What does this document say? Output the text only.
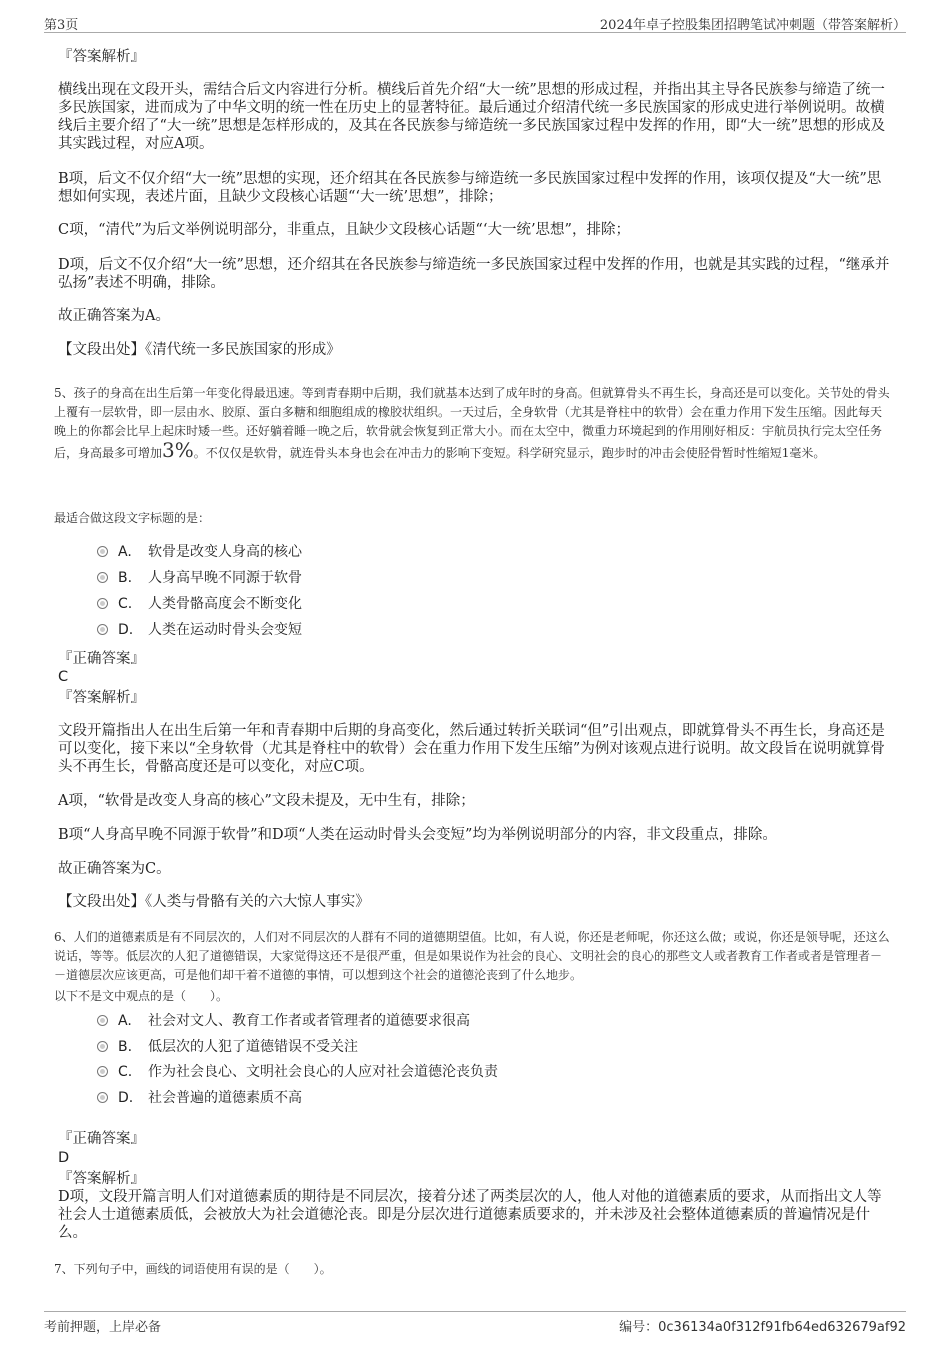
第3页	2024年卓子控股集团招聘笔试冲刺题（带答案解析）
『答案解析』
横线出现在文段开头，需结合后文内容进行分析。横线后首先介绍“大一统”思想的形成过程，并指出其主导各民族参与缔造了统一多民族国家，进而成为了中华文明的统一性在历史上的显著特征。最后通过介绍清代统一多民族国家的形成史进行举例说明。故横线后主要介绍了“大一统”思想是怎样形成的，及其在各民族参与缔造统一多民族国家过程中发挥的作用，即“大一统”思想的形成及其实践过程，对应A项。
B项，后文不仅介绍“大一统”思想的实现，还介绍其在各民族参与缔造统一多民族国家过程中发挥的作用，该项仅提及“大一统”思想如何实现，表述片面，且缺少文段核心话题“‘大一统’思想”，排除；
C项，“清代”为后文举例说明部分，非重点，且缺少文段核心话题“‘大一统’思想”，排除；
D项，后文不仅介绍“大一统”思想，还介绍其在各民族参与缔造统一多民族国家过程中发挥的作用，也就是其实践的过程，“继承并弘扬”表述不明确，排除。
故正确答案为A。
【文段出处】《清代统一多民族国家的形成》
5、孩子的身高在出生后第一年变化得最迅速。等到青春期中后期，我们就基本达到了成年时的身高。但就算骨头不再生长，身高还是可以变化。关节处的骨头上覆有一层软骨，即一层由水、胶原、蛋白多糖和细胞组成的橡胶状组织。一天过后，全身软骨（尤其是脊柱中的软骨）会在重力作用下发生压缩。因此每天晚上的你都会比早上起床时矮一些。还好躺着睡一晚之后，软骨就会恢复到正常大小。而在太空中，微重力环境起到的作用刚好相反：宇航员执行完太空任务后，身高最多可增加3%。不仅仅是软骨，就连骨头本身也会在冲击力的影响下变短。科学研究显示，跑步时的冲击会使胫骨暂时性缩短1毫米。
最适合做这段文字标题的是：
A. 软骨是改变人身高的核心
B. 人身高早晚不同源于软骨
C. 人类骨骼高度会不断变化
D. 人类在运动时骨头会变短
『正确答案』
C
『答案解析』
文段开篇指出人在出生后第一年和青春期中后期的身高变化，然后通过转折关联词“但”引出观点，即就算骨头不再生长，身高还是可以变化，接下来以“全身软骨（尤其是脊柱中的软骨）会在重力作用下发生压缩”为例对该观点进行说明。故文段旨在说明就算骨头不再生长，骨骼高度还是可以变化，对应C项。
A项，“软骨是改变人身高的核心”文段未提及，无中生有，排除；
B项“人身高早晚不同源于软骨”和D项“人类在运动时骨头会变短”均为举例说明部分的内容，非文段重点，排除。
故正确答案为C。
【文段出处】《人类与骨骼有关的六大惊人事实》
6、人们的道德素质是有不同层次的，人们对不同层次的人群有不同的道德期望值。比如，有人说，你还是老师呢，你还这么做；或说，你还是领导呢，还这么说话，等等。低层次的人犯了道德错误，大家觉得这还不是很严重，但是如果说作为社会的良心、文明社会的良心的那些文人或者教育工作者或者是管理者－－道德层次应该更高，可是他们却干着不道德的事情，可以想到这个社会的道德沦丧到了什么地步。
以下不是文中观点的是（　　）。
A. 社会对文人、教育工作者或者管理者的道德要求很高
B. 低层次的人犯了道德错误不受关注
C. 作为社会良心、文明社会良心的人应对社会道德沦丧负责
D. 社会普遍的道德素质不高
『正确答案』
D
『答案解析』
D项，文段开篇言明人们对道德素质的期待是不同层次，接着分述了两类层次的人，他人对他的道德素质的要求，从而指出文人等社会人士道德素质低，会被放大为社会道德沦丧。即是分层次进行道德素质要求的，并未涉及社会整体道德素质的普遍情况是什么。
7、下列句子中，画线的词语使用有误的是（　　）。
考前押题，上岸必备	编号：0c36134a0f312f91fb64ed632679af92
